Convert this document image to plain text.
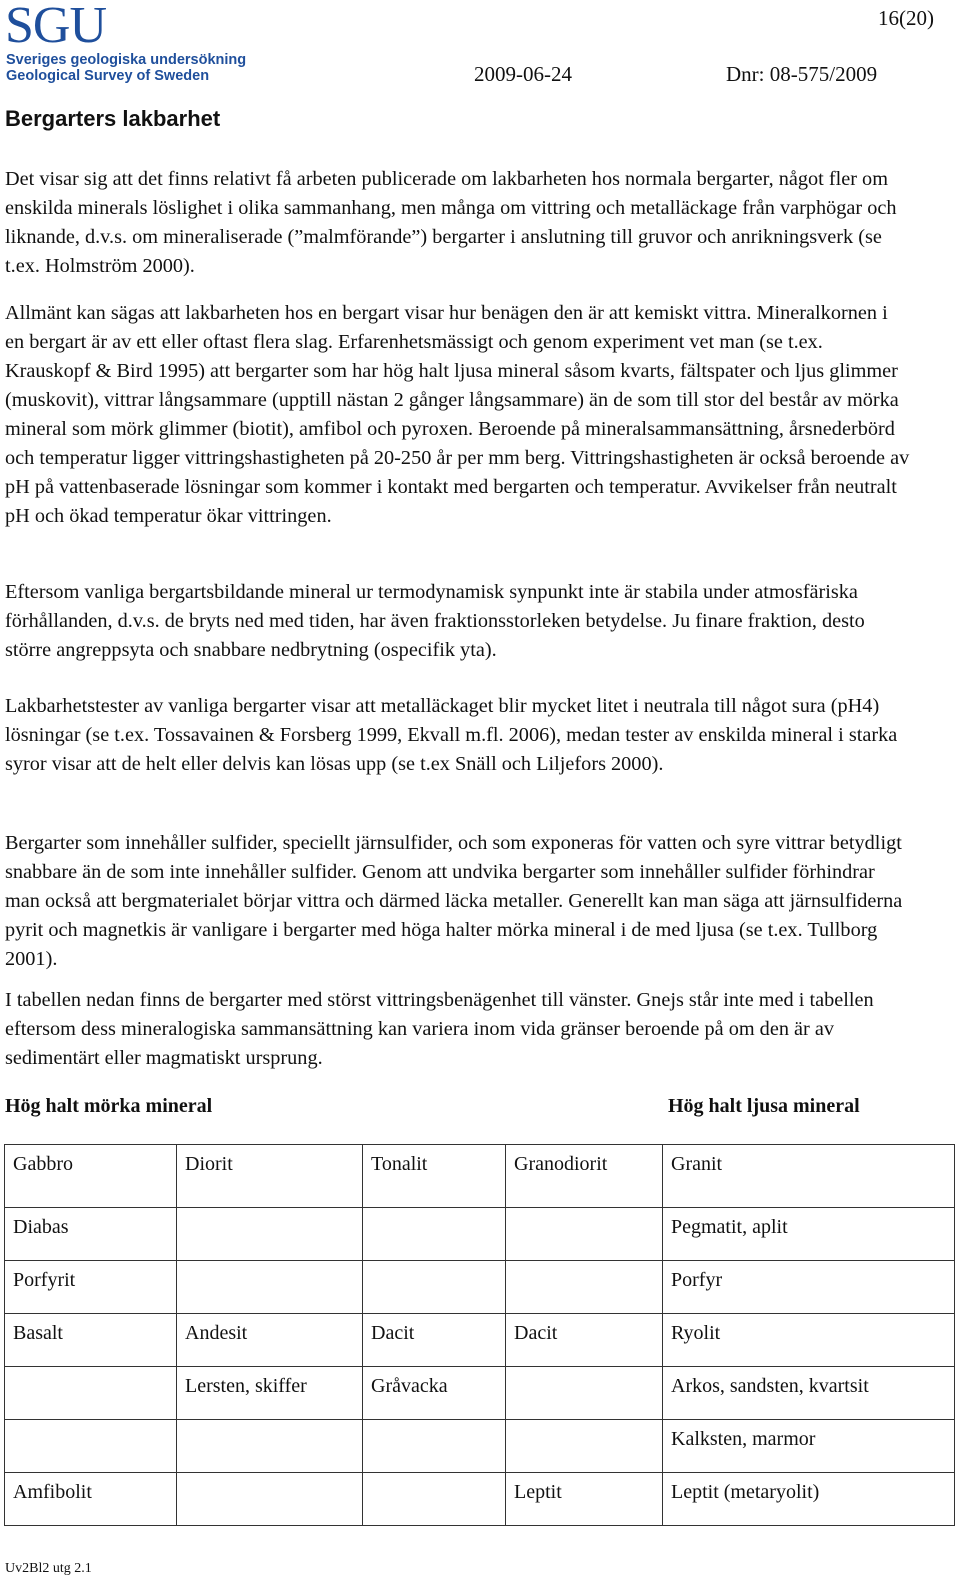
SGU
Sveriges geologiska undersökning
Geological Survey of Sweden
16(20)
2009-06-24	Dnr: 08-575/2009
Bergarters lakbarhet

Det visar sig att det finns relativt få arbeten publicerade om lakbarheten hos normala bergarter, något fler om enskilda minerals löslighet i olika sammanhang, men många om vittring och metalläckage från varphögar och liknande, d.v.s. om mineraliserade (”malmförande”) bergarter i anslutning till gruvor och anrikningsverk (se t.ex. Holmström 2000).

Allmänt kan sägas att lakbarheten hos en bergart visar hur benägen den är att kemiskt vittra. Mineralkornen i en bergart är av ett eller oftast flera slag. Erfarenhetsmässigt och genom experiment vet man (se t.ex. Krauskopf & Bird 1995) att bergarter som har hög halt ljusa mineral såsom kvarts, fältspater och ljus glimmer (muskovit), vittrar långsammare (upptill nästan 2 gånger långsammare) än de som till stor del består av mörka mineral som mörk glimmer (biotit), amfibol och pyroxen. Beroende på mineralsammansättning, årsnederbörd och temperatur ligger vittringshastigheten på 20-250 år per mm berg. Vittringshastigheten är också beroende av pH på vattenbaserade lösningar som kommer i kontakt med bergarten och temperatur. Avvikelser från neutralt pH och ökad temperatur ökar vittringen.

Eftersom vanliga bergartsbildande mineral ur termodynamisk synpunkt inte är stabila under atmosfäriska förhållanden, d.v.s. de bryts ned med tiden, har även fraktionsstorleken betydelse. Ju finare fraktion, desto större angreppsyta och snabbare nedbrytning (ospecifik yta).

Lakbarhetstester av vanliga bergarter visar att metalläckaget blir mycket litet i neutrala till något sura (pH4) lösningar (se t.ex. Tossavainen & Forsberg 1999, Ekvall m.fl. 2006), medan tester av enskilda mineral i starka syror visar att de helt eller delvis kan lösas upp (se t.ex Snäll och Liljefors 2000).

Bergarter som innehåller sulfider, speciellt järnsulfider, och som exponeras för vatten och syre vittrar betydligt snabbare än de som inte innehåller sulfider. Genom att undvika bergarter som innehåller sulfider förhindrar man också att bergmaterialet börjar vittra och därmed läcka metaller. Generellt kan man säga att järnsulfiderna pyrit och magnetkis är vanligare i bergarter med höga halter mörka mineral i de med ljusa (se t.ex. Tullborg 2001).

I tabellen nedan finns de bergarter med störst vittringsbenägenhet till vänster. Gnejs står inte med i tabellen eftersom dess mineralogiska sammansättning kan variera inom vida gränser beroende på om den är av sedimentärt eller magmatiskt ursprung.

Hög halt mörka mineral	Hög halt ljusa mineral
Gabbro	Diorit	Tonalit	Granodiorit	Granit
Diabas				Pegmatit, aplit
Porfyrit				Porfyr
Basalt	Andesit	Dacit	Dacit	Ryolit
	Lersten, skiffer	Gråvacka		Arkos, sandsten, kvartsit
				Kalksten, marmor
Amfibolit			Leptit	Leptit (metaryolit)
Uv2Bl2 utg 2.1
